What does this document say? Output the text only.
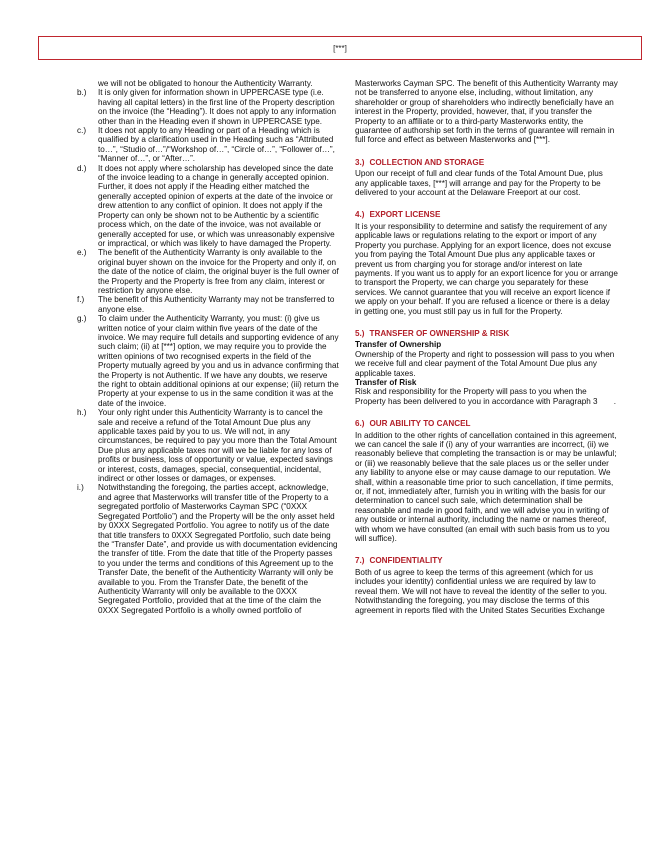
[***]

we will not be obligated to honour the Authenticity Warranty.

b.)	It is only given for information shown in UPPERCASE type (i.e. having all capital letters) in the first line of the Property description on the invoice (the “Heading”). It does not apply to any information other than in the Heading even if shown in UPPERCASE type.
c.)	It does not apply to any Heading or part of a Heading which is qualified by a clarification used in the Heading such as “Attributed to…”, “Studio of…”/“Workshop of…”, “Circle of…”, “Follower of…”, “Manner of…”, or “After…”.
d.)	It does not apply where scholarship has developed since the date of the invoice leading to a change in generally accepted opinion. Further, it does not apply if the Heading either matched the generally accepted opinion of experts at the date of the invoice or drew attention to any conflict of opinion. It does not apply if the Property can only be shown not to be Authentic by a scientific process which, on the date of the invoice, was not available or generally accepted for use, or which was unreasonably expensive or impractical, or which was likely to have damaged the Property.
e.)	The benefit of the Authenticity Warranty is only available to the original buyer shown on the invoice for the Property and only if, on the date of the notice of claim, the original buyer is the full owner of the Property and the Property is free from any claim, interest or restriction by anyone else.
f.)	The benefit of this Authenticity Warranty may not be transferred to anyone else.
g.)	To claim under the Authenticity Warranty, you must: (i) give us written notice of your claim within five years of the date of the invoice. We may require full details and supporting evidence of any such claim; (ii) at [***] option, we may require you to provide the written opinions of two recognised experts in the field of the Property mutually agreed by you and us in advance confirming that the Property is not Authentic. If we have any doubts, we reserve the right to obtain additional opinions at our expense; (iii) return the Property at your expense to us in the same condition it was at the date of the invoice.
h.)	Your only right under this Authenticity Warranty is to cancel the sale and receive a refund of the Total Amount Due plus any applicable taxes paid by you to us. We will not, in any circumstances, be required to pay you more than the Total Amount Due plus any applicable taxes nor will we be liable for any loss of profits or business, loss of opportunity or value, expected savings or interest, costs, damages, special, consequential, incidental, indirect or other losses or damages, or expenses.
i.)	Notwithstanding the foregoing, the parties accept, acknowledge, and agree that Masterworks will transfer title of the Property to a segregated portfolio of Masterworks Cayman SPC (“0XXX Segregated Portfolio”) and the Property will be the only asset held by 0XXX Segregated Portfolio. You agree to notify us of the date that title transfers to 0XXX Segregated Portfolio, such date being the “Transfer Date”, and provide us with documentation evidencing the transfer of title. From the date that title of the Property passes to you under the terms and conditions of this Agreement up to the Transfer Date, the benefit of the Authenticity Warranty will only be available to you. From the Transfer Date, the benefit of the Authenticity Warranty will only be available to the 0XXX Segregated Portfolio, provided that at the time of the claim the 0XXX Segregated Portfolio is a wholly owned portfolio of

Masterworks Cayman SPC. The benefit of this Authenticity Warranty may not be transferred to anyone else, including, without limitation, any shareholder or group of shareholders who indirectly beneficially have an interest in the Property, provided, however, that, if you transfer the Property to an affiliate or to a third-party Masterworks entity, the guarantee of authorship set forth in the terms of guarantee will remain in full force and effect as between Masterworks and [***].

3.) COLLECTION AND STORAGE
Upon our receipt of full and clear funds of the Total Amount Due, plus any applicable taxes, [***] will arrange and pay for the Property to be delivered to your account at the Delaware Freeport at our cost.
4.) EXPORT LICENSE
It is your responsibility to determine and satisfy the requirement of any applicable laws or regulations relating to the export or import of any Property you purchase. Applying for an export licence, does not excuse you from paying the Total Amount Due plus any applicable taxes or prevent us from charging you for storage and/or interest on late payments. If you want us to apply for an export licence for you or arrange to transport the Property, we can charge you separately for these services. We cannot guarantee that you will receive an export licence if we apply on your behalf. If you are refused a licence or there is a delay in getting one, you must still pay us in full for the Property.
5.) TRANSFER OF OWNERSHIP & RISK
Transfer of Ownership
Ownership of the Property and right to possession will pass to you when we receive full and clear payment of the Total Amount Due plus any applicable taxes.
Transfer of Risk
Risk and responsibility for the Property will pass to you when the Property has been delivered to you in accordance with Paragraph 3  .
6.) OUR ABILITY TO CANCEL
In addition to the other rights of cancellation contained in this agreement, we can cancel the sale if (i) any of your warranties are incorrect, (ii) we reasonably believe that completing the transaction is or may be unlawful; or (iii) we reasonably believe that the sale places us or the seller under any liability to anyone else or may cause damage to our reputation. We shall, within a reasonable time prior to such cancellation, if time permits, or, if not, immediately after, furnish you in writing with the basis for our determination to cancel such sale, which determination shall be reasonable and made in good faith, and we will advise you in writing of any outside or internal authority, including the name or names thereof, with whom we have consulted (an email with such basis from us to you will suffice).
7.) CONFIDENTIALITY
Both of us agree to keep the terms of this agreement (which for us includes your identity) confidential unless we are required by law to reveal them. We will not have to reveal the identity of the seller to you. Notwithstanding the foregoing, you may disclose the terms of this agreement in reports filed with the United States Securities Exchange
